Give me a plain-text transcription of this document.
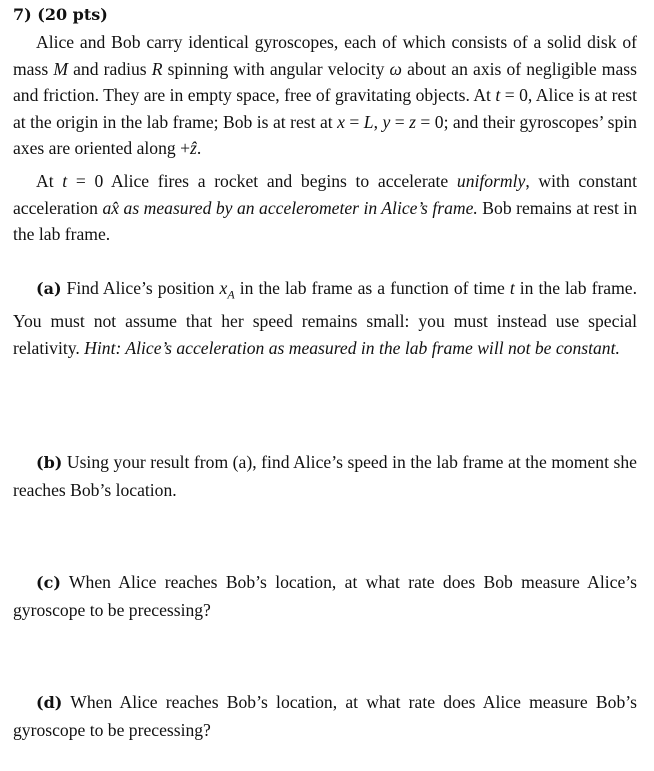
7) (20 pts)

Alice and Bob carry identical gyroscopes, each of which consists of a solid disk of mass M and radius R spinning with angular velocity ω about an axis of negligible mass and friction. They are in empty space, free of gravitating objects. At t = 0, Alice is at rest at the origin in the lab frame; Bob is at rest at x = L, y = z = 0; and their gyroscopes’ spin axes are oriented along +ẑ.

At t = 0 Alice fires a rocket and begins to accelerate uniformly, with constant acceleration ax̂ as measured by an accelerometer in Alice’s frame. Bob remains at rest in the lab frame.

(a) Find Alice’s position $x_A$ in the lab frame as a function of time t in the lab frame. You must not assume that her speed remains small: you must instead use special relativity. Hint: Alice’s acceleration as measured in the lab frame will not be constant.

(b) Using your result from (a), find Alice’s speed in the lab frame at the moment she reaches Bob’s location.

(c) When Alice reaches Bob’s location, at what rate does Bob measure Alice’s gyroscope to be precessing?

(d) When Alice reaches Bob’s location, at what rate does Alice measure Bob’s gyroscope to be precessing?
